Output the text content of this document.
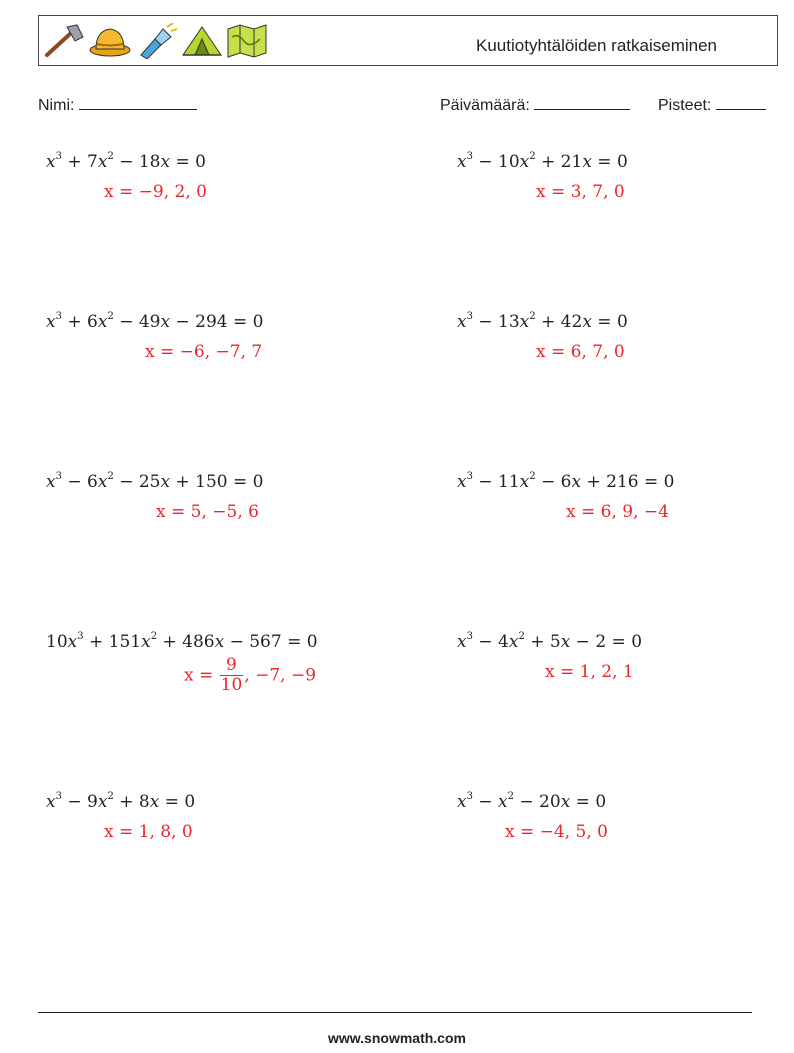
Kuutiotyhtälöiden ratkaiseminen
Nimi:	Päivämäärä:	Pisteet:
$x^3 + 7x^2 - 18x = 0$
x = −9, 2, 0
$x^3 - 10x^2 + 21x = 0$
x = 3, 7, 0
$x^3 + 6x^2 - 49x - 294 = 0$
x = −6, −7, 7
$x^3 - 13x^2 + 42x = 0$
x = 6, 7, 0
$x^3 - 6x^2 - 25x + 150 = 0$
x = 5, −5, 6
$x^3 - 11x^2 - 6x + 216 = 0$
x = 6, 9, −4
$10x^3 + 151x^2 + 486x - 567 = 0$
$x = \frac{9}{10}$ , −7, −9
$x^3 - 4x^2 + 5x - 2 = 0$
x = 1, 2, 1
$x^3 - 9x^2 + 8x = 0$
x = 1, 8, 0
$x^3 - x^2 - 20x = 0$
x = −4, 5, 0
www.snowmath.com
